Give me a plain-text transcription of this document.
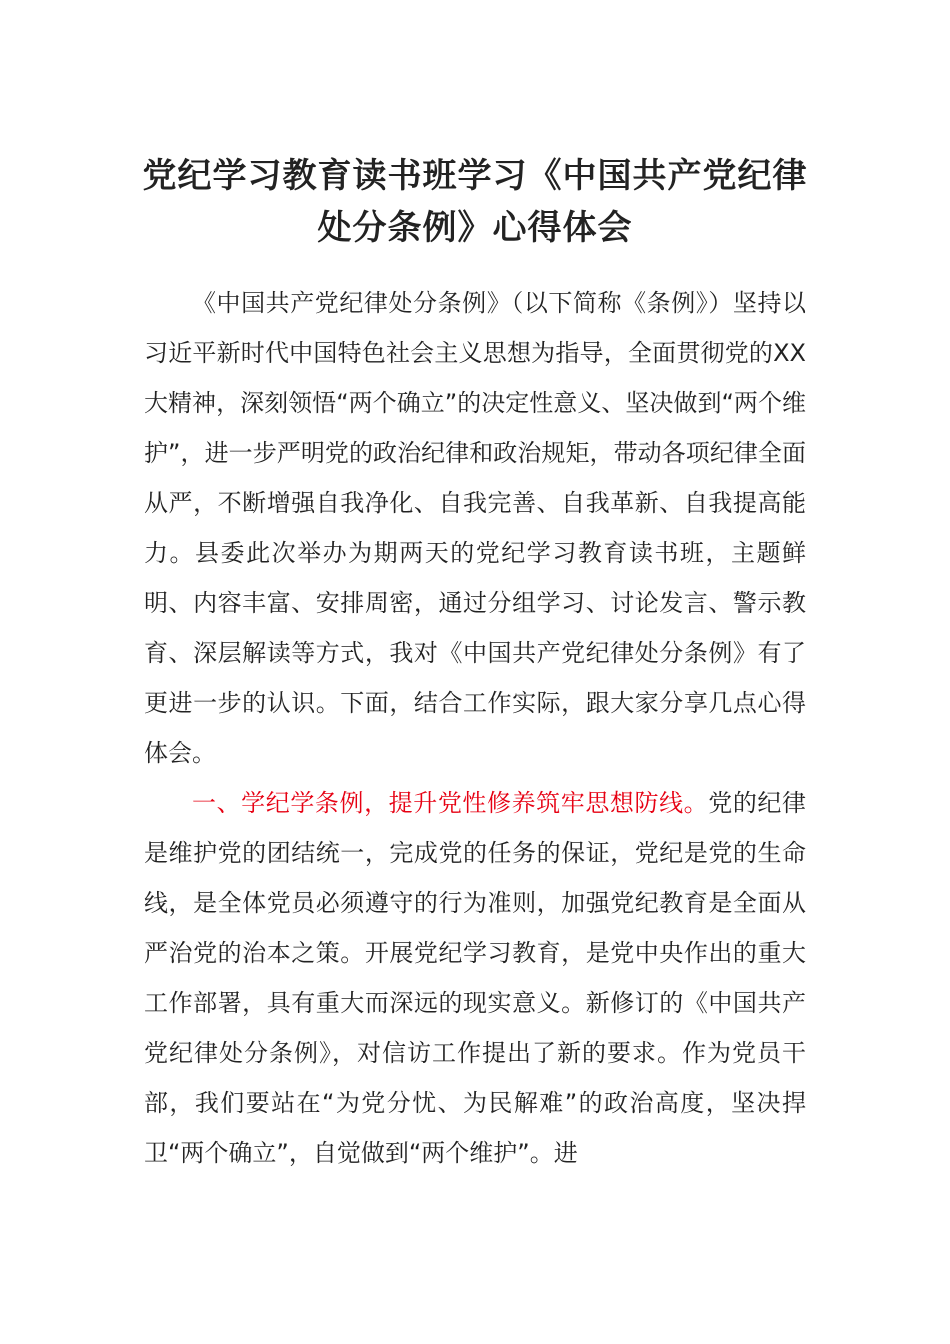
党纪学习教育读书班学习《中国共产党纪律
处分条例》心得体会

《中国共产党纪律处分条例》（以下简称《条例》）坚持以习近平新时代中国特色社会主义思想为指导，全面贯彻党的XX大精神，深刻领悟“两个确立”的决定性意义、坚决做到“两个维护”，进一步严明党的政治纪律和政治规矩，带动各项纪律全面从严，不断增强自我净化、自我完善、自我革新、自我提高能力。县委此次举办为期两天的党纪学习教育读书班，主题鲜明、内容丰富、安排周密，通过分组学习、讨论发言、警示教育、深层解读等方式，我对《中国共产党纪律处分条例》有了更进一步的认识。下面，结合工作实际，跟大家分享几点心得体会。

一、学纪学条例，提升党性修养筑牢思想防线。党的纪律是维护党的团结统一，完成党的任务的保证，党纪是党的生命线，是全体党员必须遵守的行为准则，加强党纪教育是全面从严治党的治本之策。开展党纪学习教育，是党中央作出的重大工作部署，具有重大而深远的现实意义。新修订的《中国共产党纪律处分条例》，对信访工作提出了新的要求。作为党员干部，我们要站在“为党分忧、为民解难”的政治高度，坚决捍卫“两个确立”，自觉做到“两个维护”。进
